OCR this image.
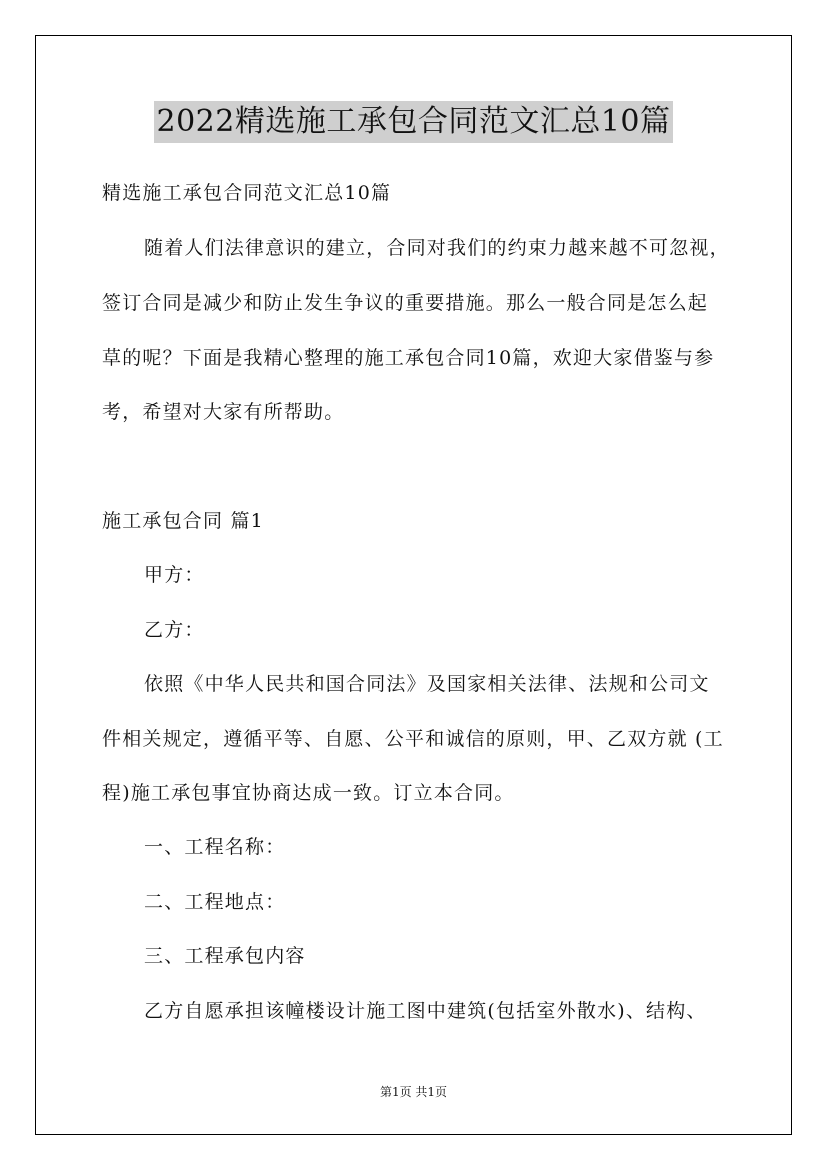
2022精选施工承包合同范文汇总10篇
精选施工承包合同范文汇总10篇
随着人们法律意识的建立，合同对我们的约束力越来越不可忽视，
签订合同是减少和防止发生争议的重要措施。那么一般合同是怎么起
草的呢？下面是我精心整理的施工承包合同10篇，欢迎大家借鉴与参
考，希望对大家有所帮助。
施工承包合同 篇1
甲方：
乙方：
依照《中华人民共和国合同法》及国家相关法律、法规和公司文
件相关规定，遵循平等、自愿、公平和诚信的原则，甲、乙双方就 (工
程)施工承包事宜协商达成一致。订立本合同。
一、工程名称：
二、工程地点：
三、工程承包内容
乙方自愿承担该幢楼设计施工图中建筑(包括室外散水)、结构、
第1页 共1页
